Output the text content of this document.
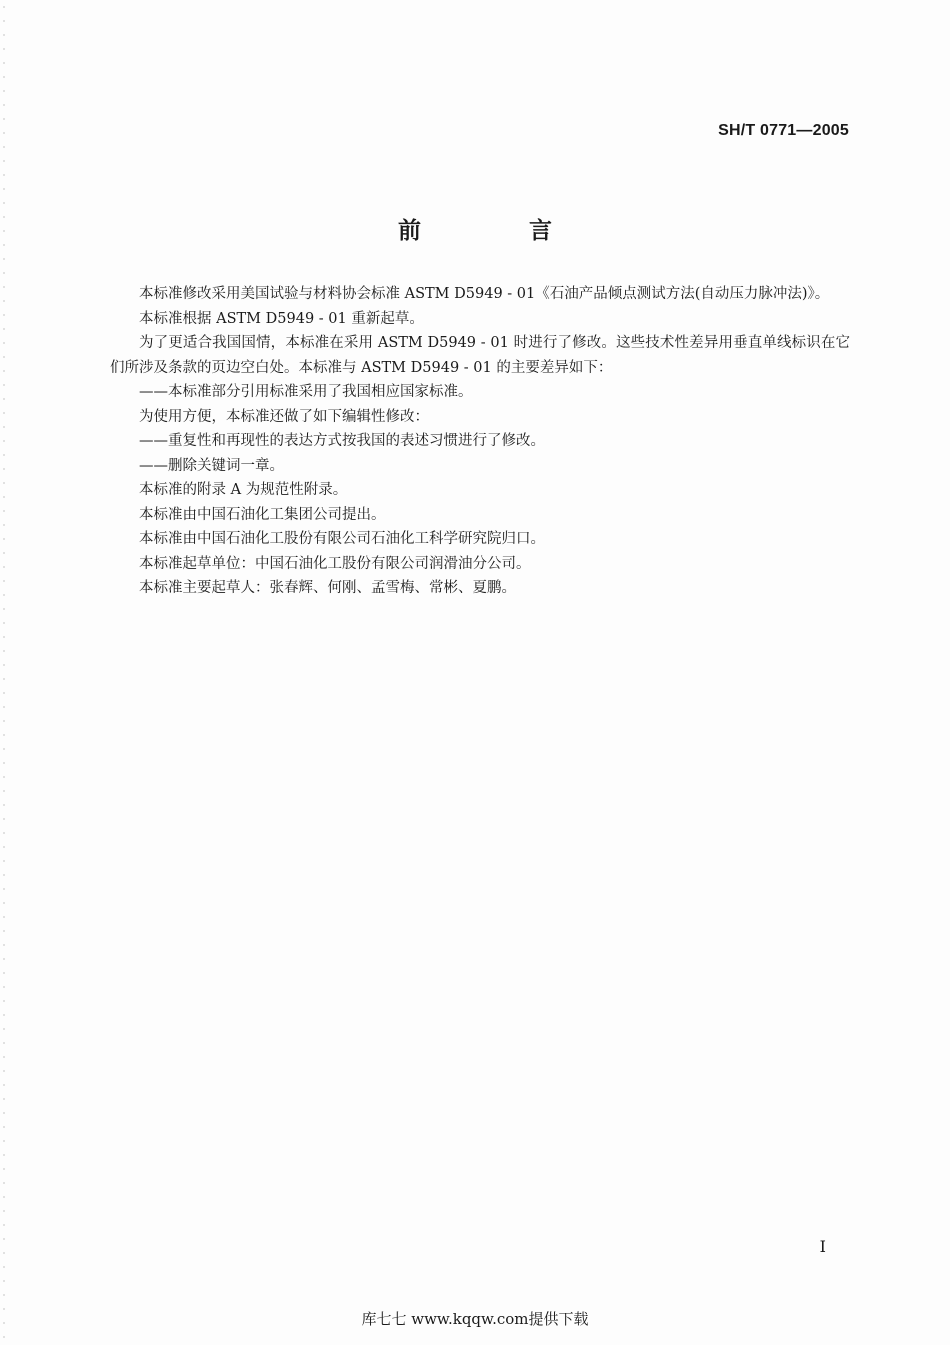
SH/T 0771—2005
前 言

本标准修改采用美国试验与材料协会标准 ASTM D5949 - 01《石油产品倾点测试方法(自动压力脉冲法)》。

本标准根据 ASTM D5949 - 01 重新起草。

为了更适合我国国情，本标准在采用 ASTM D5949 - 01 时进行了修改。这些技术性差异用垂直单线标识在它们所涉及条款的页边空白处。本标准与 ASTM D5949 - 01 的主要差异如下：

——本标准部分引用标准采用了我国相应国家标准。

为使用方便，本标准还做了如下编辑性修改：

——重复性和再现性的表达方式按我国的表述习惯进行了修改。

——删除关键词一章。

本标准的附录 A 为规范性附录。

本标准由中国石油化工集团公司提出。

本标准由中国石油化工股份有限公司石油化工科学研究院归口。

本标准起草单位：中国石油化工股份有限公司润滑油分公司。

本标准主要起草人：张春辉、何刚、孟雪梅、常彬、夏鹏。

I
库七七 www.kqqw.com提供下载
